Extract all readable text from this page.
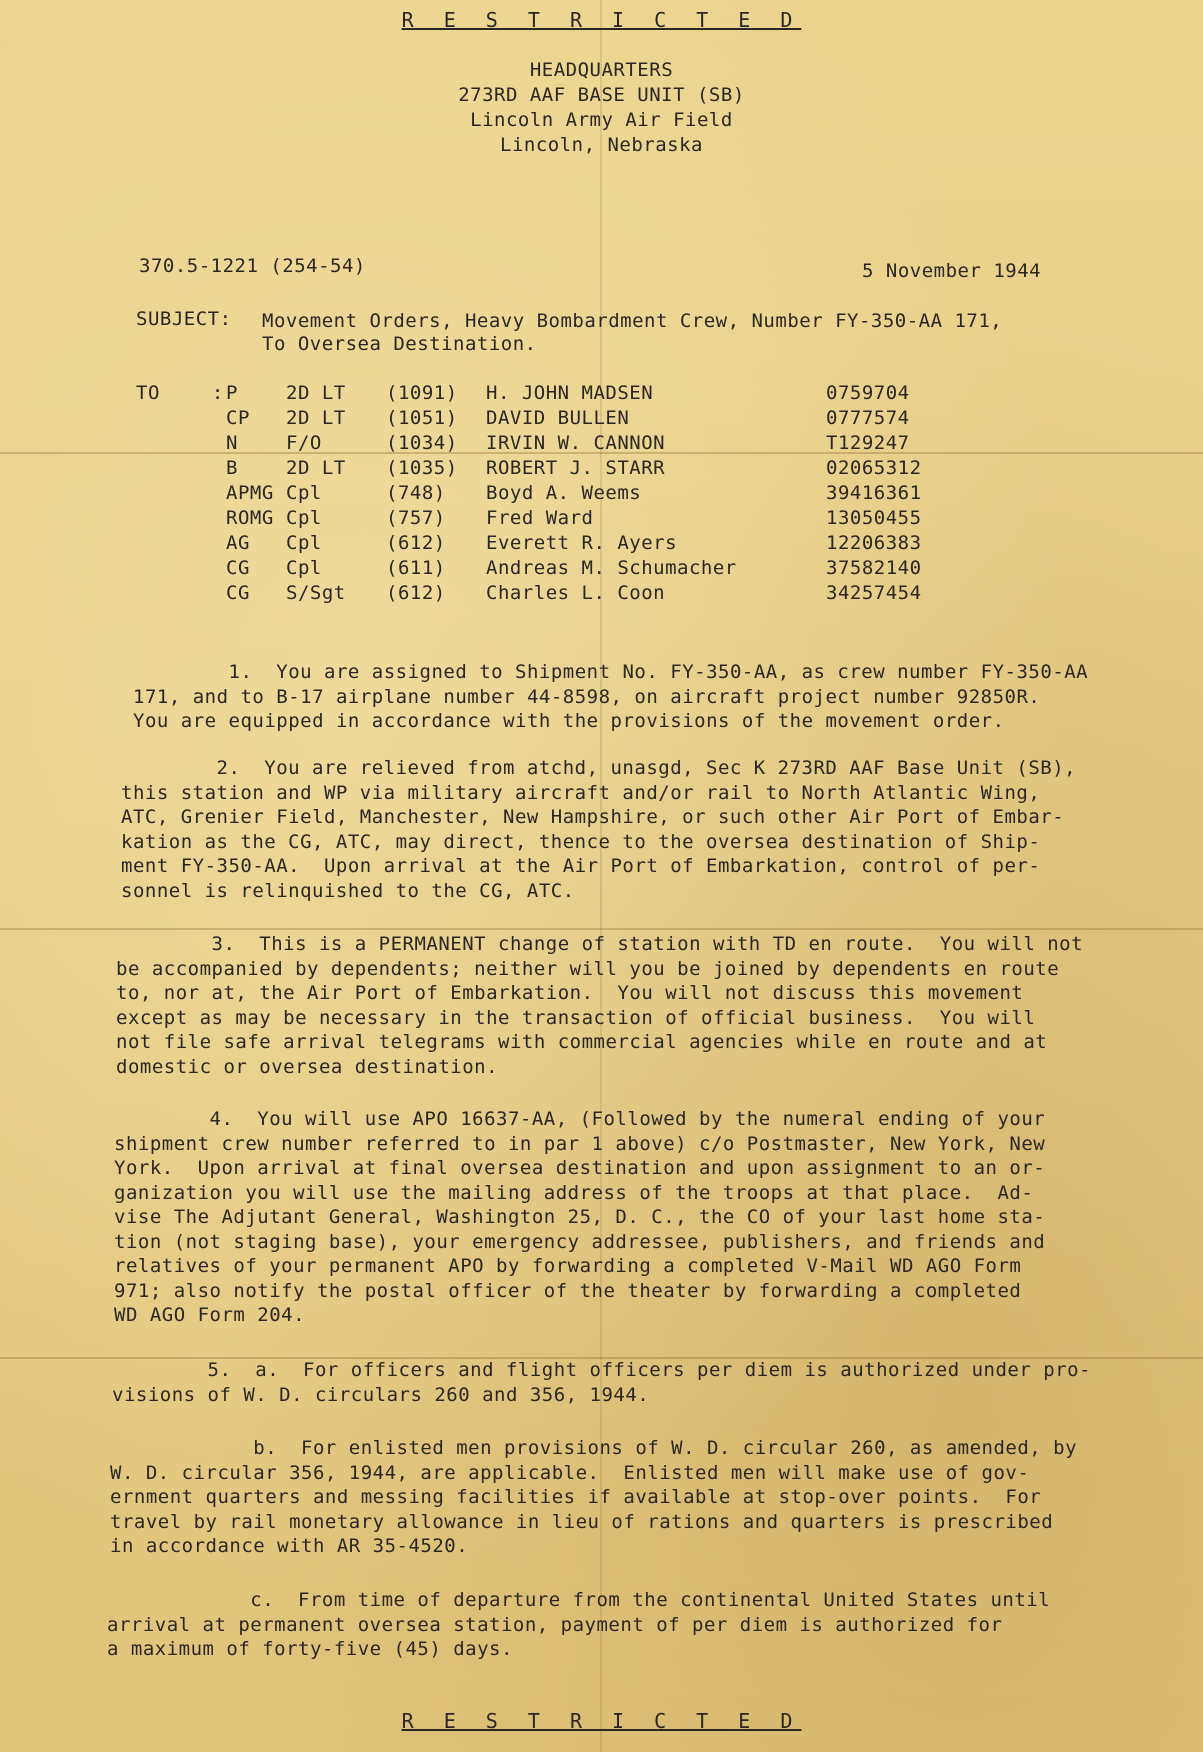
R E S T R I C T E D
HEADQUARTERS
273RD AAF BASE UNIT (SB)
Lincoln Army Air Field
Lincoln, Nebraska
370.5-1221 (254-54)	5 November 1944
SUBJECT: Movement Orders, Heavy Bombardment Crew, Number FY-350-AA 171,
To Oversea Destination.
TO :	P	2D LT	(1091)	H. JOHN MADSEN	0759704
	CP	2D LT	(1051)	DAVID BULLEN	0777574
	N	F/O	(1034)	IRVIN W. CANNON	T129247
	B	2D LT	(1035)	ROBERT J. STARR	02065312
	APMG	Cpl	(748)	Boyd A. Weems	39416361
	ROMG	Cpl	(757)	Fred Ward	13050455
	AG	Cpl	(612)	Everett R. Ayers	12206383
	CG	Cpl	(611)	Andreas M. Schumacher	37582140
	CG	S/Sgt	(612)	Charles L. Coon	34257454
1.  You are assigned to Shipment No. FY-350-AA, as crew number FY-350-AA
171, and to B-17 airplane number 44-8598, on aircraft project number 92850R.
You are equipped in accordance with the provisions of the movement order.
2.  You are relieved from atchd, unasgd, Sec K 273RD AAF Base Unit (SB),
this station and WP via military aircraft and/or rail to North Atlantic Wing,
ATC, Grenier Field, Manchester, New Hampshire, or such other Air Port of Embar-
kation as the CG, ATC, may direct, thence to the oversea destination of Ship-
ment FY-350-AA.  Upon arrival at the Air Port of Embarkation, control of per-
sonnel is relinquished to the CG, ATC.
3.  This is a PERMANENT change of station with TD en route.  You will not
be accompanied by dependents; neither will you be joined by dependents en route
to, nor at, the Air Port of Embarkation.  You will not discuss this movement
except as may be necessary in the transaction of official business.  You will
not file safe arrival telegrams with commercial agencies while en route and at
domestic or oversea destination.
4.  You will use APO 16637-AA, (Followed by the numeral ending of your
shipment crew number referred to in par 1 above) c/o Postmaster, New York, New
York.  Upon arrival at final oversea destination and upon assignment to an or-
ganization you will use the mailing address of the troops at that place.  Ad-
vise The Adjutant General, Washington 25, D. C., the CO of your last home sta-
tion (not staging base), your emergency addressee, publishers, and friends and
relatives of your permanent APO by forwarding a completed V-Mail WD AGO Form
971; also notify the postal officer of the theater by forwarding a completed
WD AGO Form 204.
5.  a.  For officers and flight officers per diem is authorized under pro-
visions of W. D. circulars 260 and 356, 1944.
b.  For enlisted men provisions of W. D. circular 260, as amended, by
W. D. circular 356, 1944, are applicable.  Enlisted men will make use of gov-
ernment quarters and messing facilities if available at stop-over points.  For
travel by rail monetary allowance in lieu of rations and quarters is prescribed
in accordance with AR 35-4520.
c.  From time of departure from the continental United States until
arrival at permanent oversea station, payment of per diem is authorized for
a maximum of forty-five (45) days.
R E S T R I C T E D
